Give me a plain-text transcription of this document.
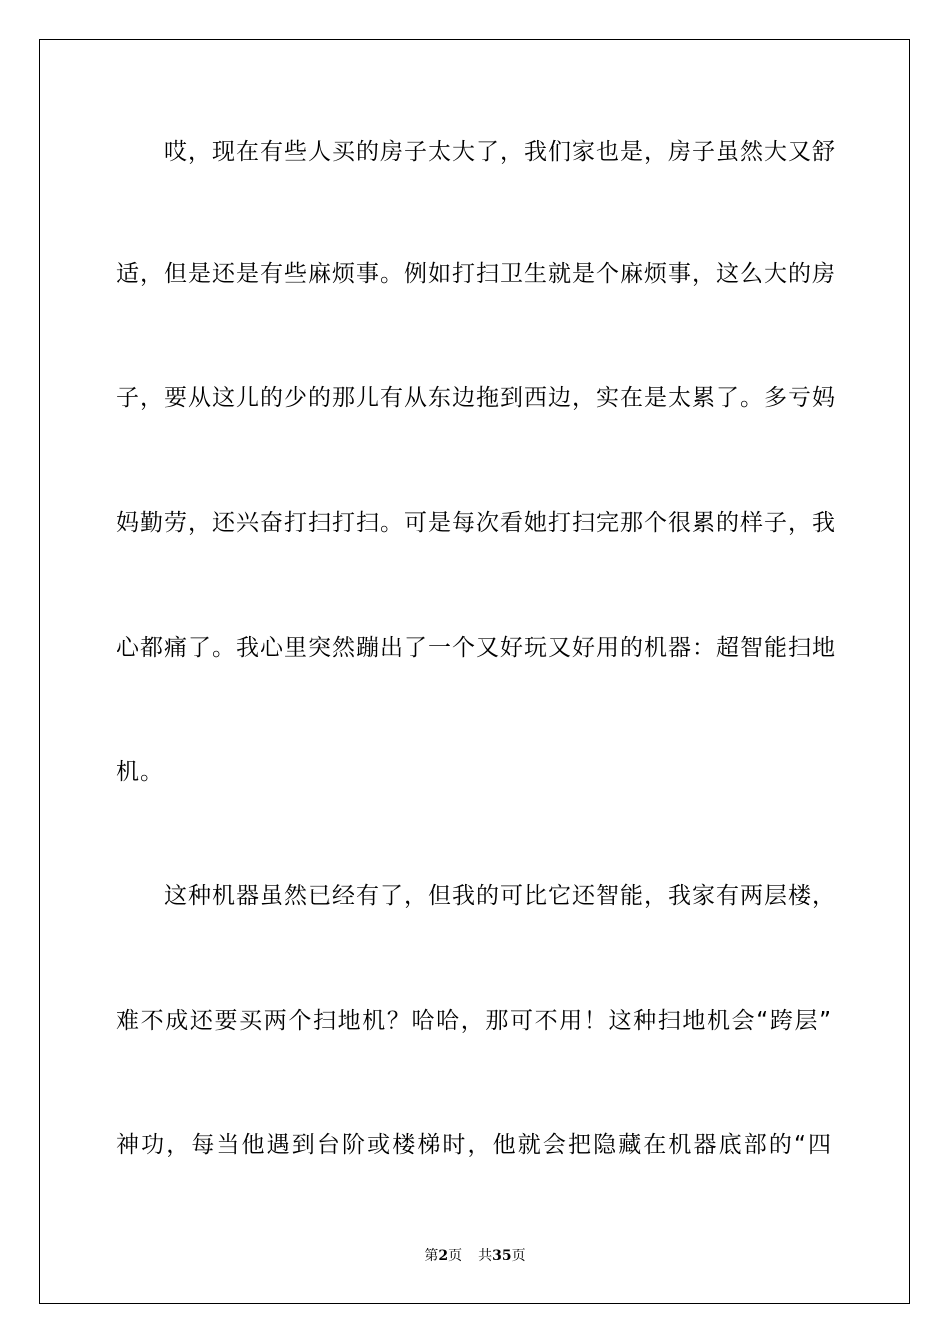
哎，现在有些人买的房子太大了，我们家也是，房子虽然大又舒
适，但是还是有些麻烦事。例如打扫卫生就是个麻烦事，这么大的房
子，要从这儿的少的那儿有从东边拖到西边，实在是太累了。多亏妈
妈勤劳，还兴奋打扫打扫。可是每次看她打扫完那个很累的样子，我
心都痛了。我心里突然蹦出了一个又好玩又好用的机器：超智能扫地
机。
这种机器虽然已经有了，但我的可比它还智能，我家有两层楼，
难不成还要买两个扫地机？哈哈，那可不用！这种扫地机会“跨层”
神功，每当他遇到台阶或楼梯时，他就会把隐藏在机器底部的“四
第2页 共35页
